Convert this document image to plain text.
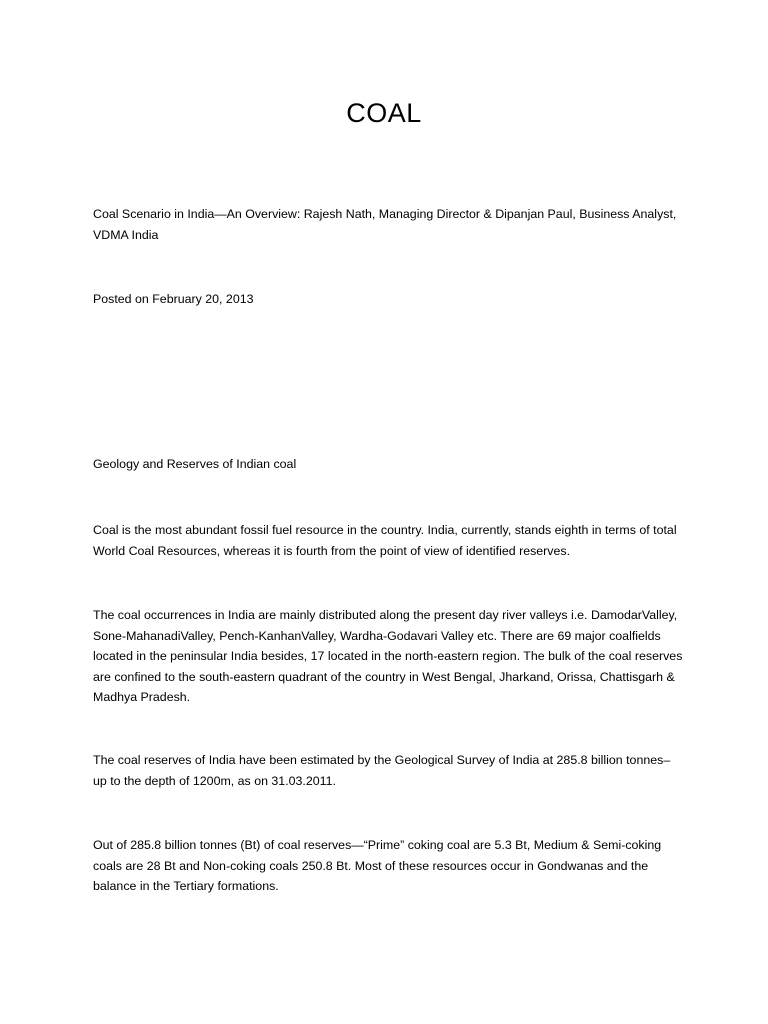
COAL

Coal Scenario in India—An Overview: Rajesh Nath, Managing Director & Dipanjan Paul, Business Analyst, VDMA India

Posted on February 20, 2013

Geology and Reserves of Indian coal

Coal is the most abundant fossil fuel resource in the country. India, currently, stands eighth in terms of total World Coal Resources, whereas it is fourth from the point of view of identified reserves.

The coal occurrences in India are mainly distributed along the present day river valleys i.e. DamodarValley, Sone-MahanadiValley, Pench-KanhanValley, Wardha-Godavari Valley etc. There are 69 major coalfields located in the peninsular India besides, 17 located in the north-eastern region. The bulk of the coal reserves are confined to the south-eastern quadrant of the country in West Bengal, Jharkand, Orissa, Chattisgarh & Madhya Pradesh.

The coal reserves of India have been estimated by the Geological Survey of India at 285.8 billion tonnes–up to the depth of 1200m, as on 31.03.2011.

Out of 285.8 billion tonnes (Bt) of coal reserves—“Prime” coking coal are 5.3 Bt, Medium & Semi-coking coals are 28 Bt and Non-coking coals 250.8 Bt. Most of these resources occur in Gondwanas and the balance in the Tertiary formations.
